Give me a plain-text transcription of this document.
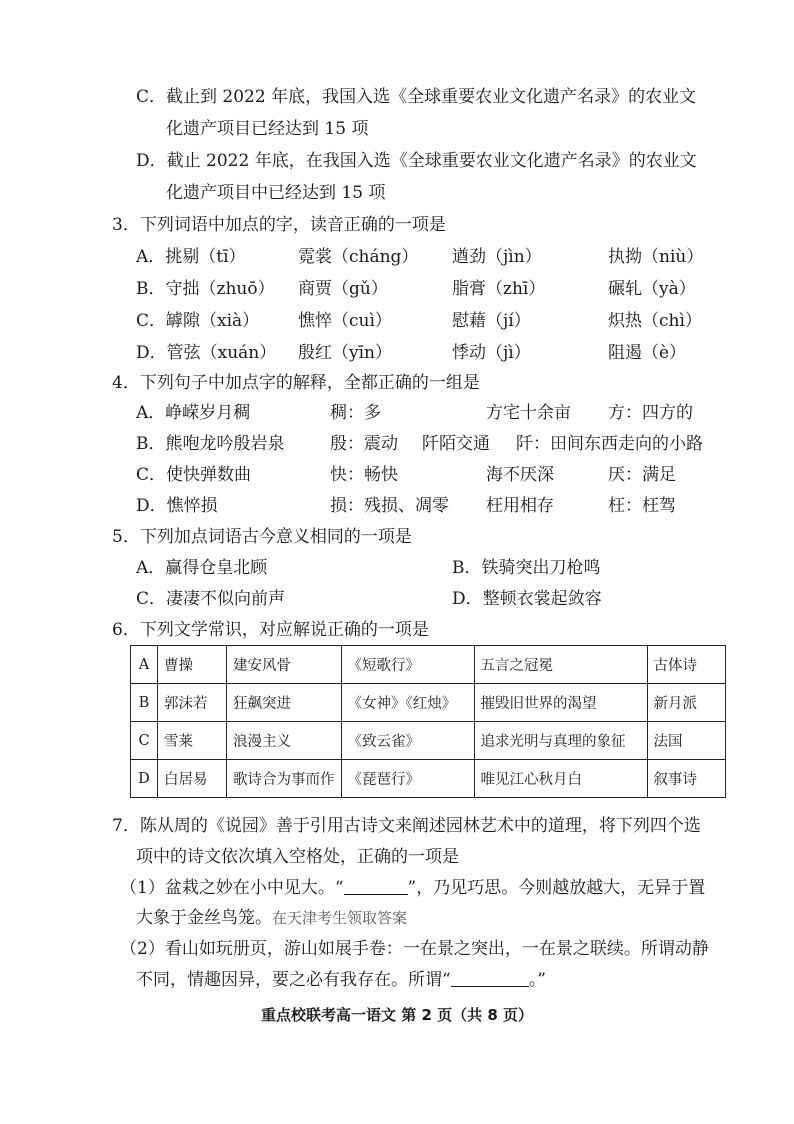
C．截止到 2022 年底，我国入选《全球重要农业文化遗产名录》的农业文
化遗产项目已经达到 15 项
D．截止 2022 年底，在我国入选《全球重要农业文化遗产名录》的农业文
化遗产项目中已经达到 15 项
3．下列词语中加点的字，读音正确的一项是
A．挑剔（tī）	霓裳（cháng） 遒劲（jìn）	执拗（niù）
B．守拙（zhuō） 商贾（gǔ）	脂膏（zhī）	碾轧（yà）
C．罅隙（xià） 憔悴（cuì）	慰藉（jí）	炽热（chì）
D．管弦（xuán） 殷红（yīn）	悸动（jì）	阻遏（è）
4．下列句子中加点字的解释，全都正确的一组是
A．峥嵘岁月稠	稠：多	方宅十余亩 方：四方的
B．熊咆龙吟殷岩泉	殷：震动 阡陌交通 阡：田间东西走向的小路
C．使快弹数曲	快：畅快	海不厌深	厌：满足
D．憔悴损	损：残损、凋零 枉用相存	枉：枉驾
5．下列加点词语古今意义相同的一项是
A．赢得仓皇北顾	B．铁骑突出刀枪鸣
C．凄凄不似向前声	D．整顿衣裳起敛容
6．下列文学常识，对应解说正确的一项是
A	曹操	建安风骨	《短歌行》	五言之冠冕	古体诗
B	郭沫若	狂飙突进	《女神》《红烛》	摧毁旧世界的渴望	新月派
C	雪莱	浪漫主义	《致云雀》	追求光明与真理的象征	法国
D	白居易	歌诗合为事而作	《琵琶行》	唯见江心秋月白	叙事诗
7．陈从周的《说园》善于引用古诗文来阐述园林艺术中的道理，将下列四个选
项中的诗文依次填入空格处，正确的一项是
（1）盆栽之妙在小中见大。“	”，乃见巧思。今则越放越大，无异于置
大象于金丝鸟笼。在天津考生领取答案
（2）看山如玩册页，游山如展手卷：一在景之突出，一在景之联续。所谓动静
不同，情趣因异，要之必有我存在。所谓“	。”
重点校联考高一语文 第 2 页（共 8 页）
